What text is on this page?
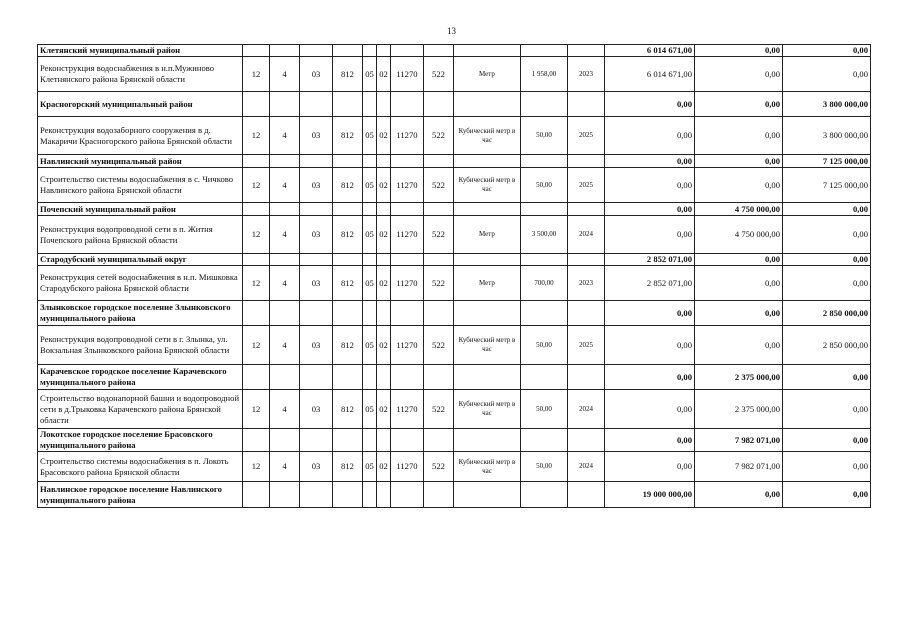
13
Клетянский муниципальный район												6 014 671,00	0,00	0,00
Реконструкция водоснабжения в н.п.Мужиново Клетнянского района Брянской области	12	4	03	812	05	02	11270	522	Метр	1 958,00	2023	6 014 671,00	0,00	0,00
Красногорский муниципальный район												0,00	0,00	3 800 000,00
Реконструкция водозаборного сооружения в д. Макаричи Красногорского района Брянской области	12	4	03	812	05	02	11270	522	Кубический метр в час	50,00	2025	0,00	0,00	3 800 000,00
Навлинский муниципальный район												0,00	0,00	7 125 000,00
Строительство системы водоснабжения в с. Чичково Навлинского района Брянской области	12	4	03	812	05	02	11270	522	Кубический метр в час	50,00	2025	0,00	0,00	7 125 000,00
Почепский муниципальный район												0,00	4 750 000,00	0,00
Реконструкция водопроводной сети в п. Житня Почепского района Брянской области	12	4	03	812	05	02	11270	522	Метр	3 500,00	2024	0,00	4 750 000,00	0,00
Стародубский муниципальный округ												2 852 071,00	0,00	0,00
Реконструкция сетей водоснабжения в н.п. Мишковка Стародубского района Брянской области	12	4	03	812	05	02	11270	522	Метр	700,00	2023	2 852 071,00	0,00	0,00
Злынковское городское поселение Злынковского муниципального района												0,00	0,00	2 850 000,00
Реконструкция водопроводной сети в г. Злынка, ул. Вокзальная Злынковского района Брянской области	12	4	03	812	05	02	11270	522	Кубический метр в час	50,00	2025	0,00	0,00	2 850 000,00
Карачевское городское поселение Карачевского муниципального района												0,00	2 375 000,00	0,00
Строительство водонапорной башни и водопроводной сети в д.Трыковка Карачевского района Брянской области	12	4	03	812	05	02	11270	522	Кубический метр в час	50,00	2024	0,00	2 375 000,00	0,00
Локотское городское поселение Брасовского муниципального района												0,00	7 982 071,00	0,00
Строительство системы водоснабжения в п. Локоть Брасовского района Брянской области	12	4	03	812	05	02	11270	522	Кубический метр в час	50,00	2024	0,00	7 982 071,00	0,00
Навлинское городское поселение Навлинского муниципального района												19 000 000,00	0,00	0,00
